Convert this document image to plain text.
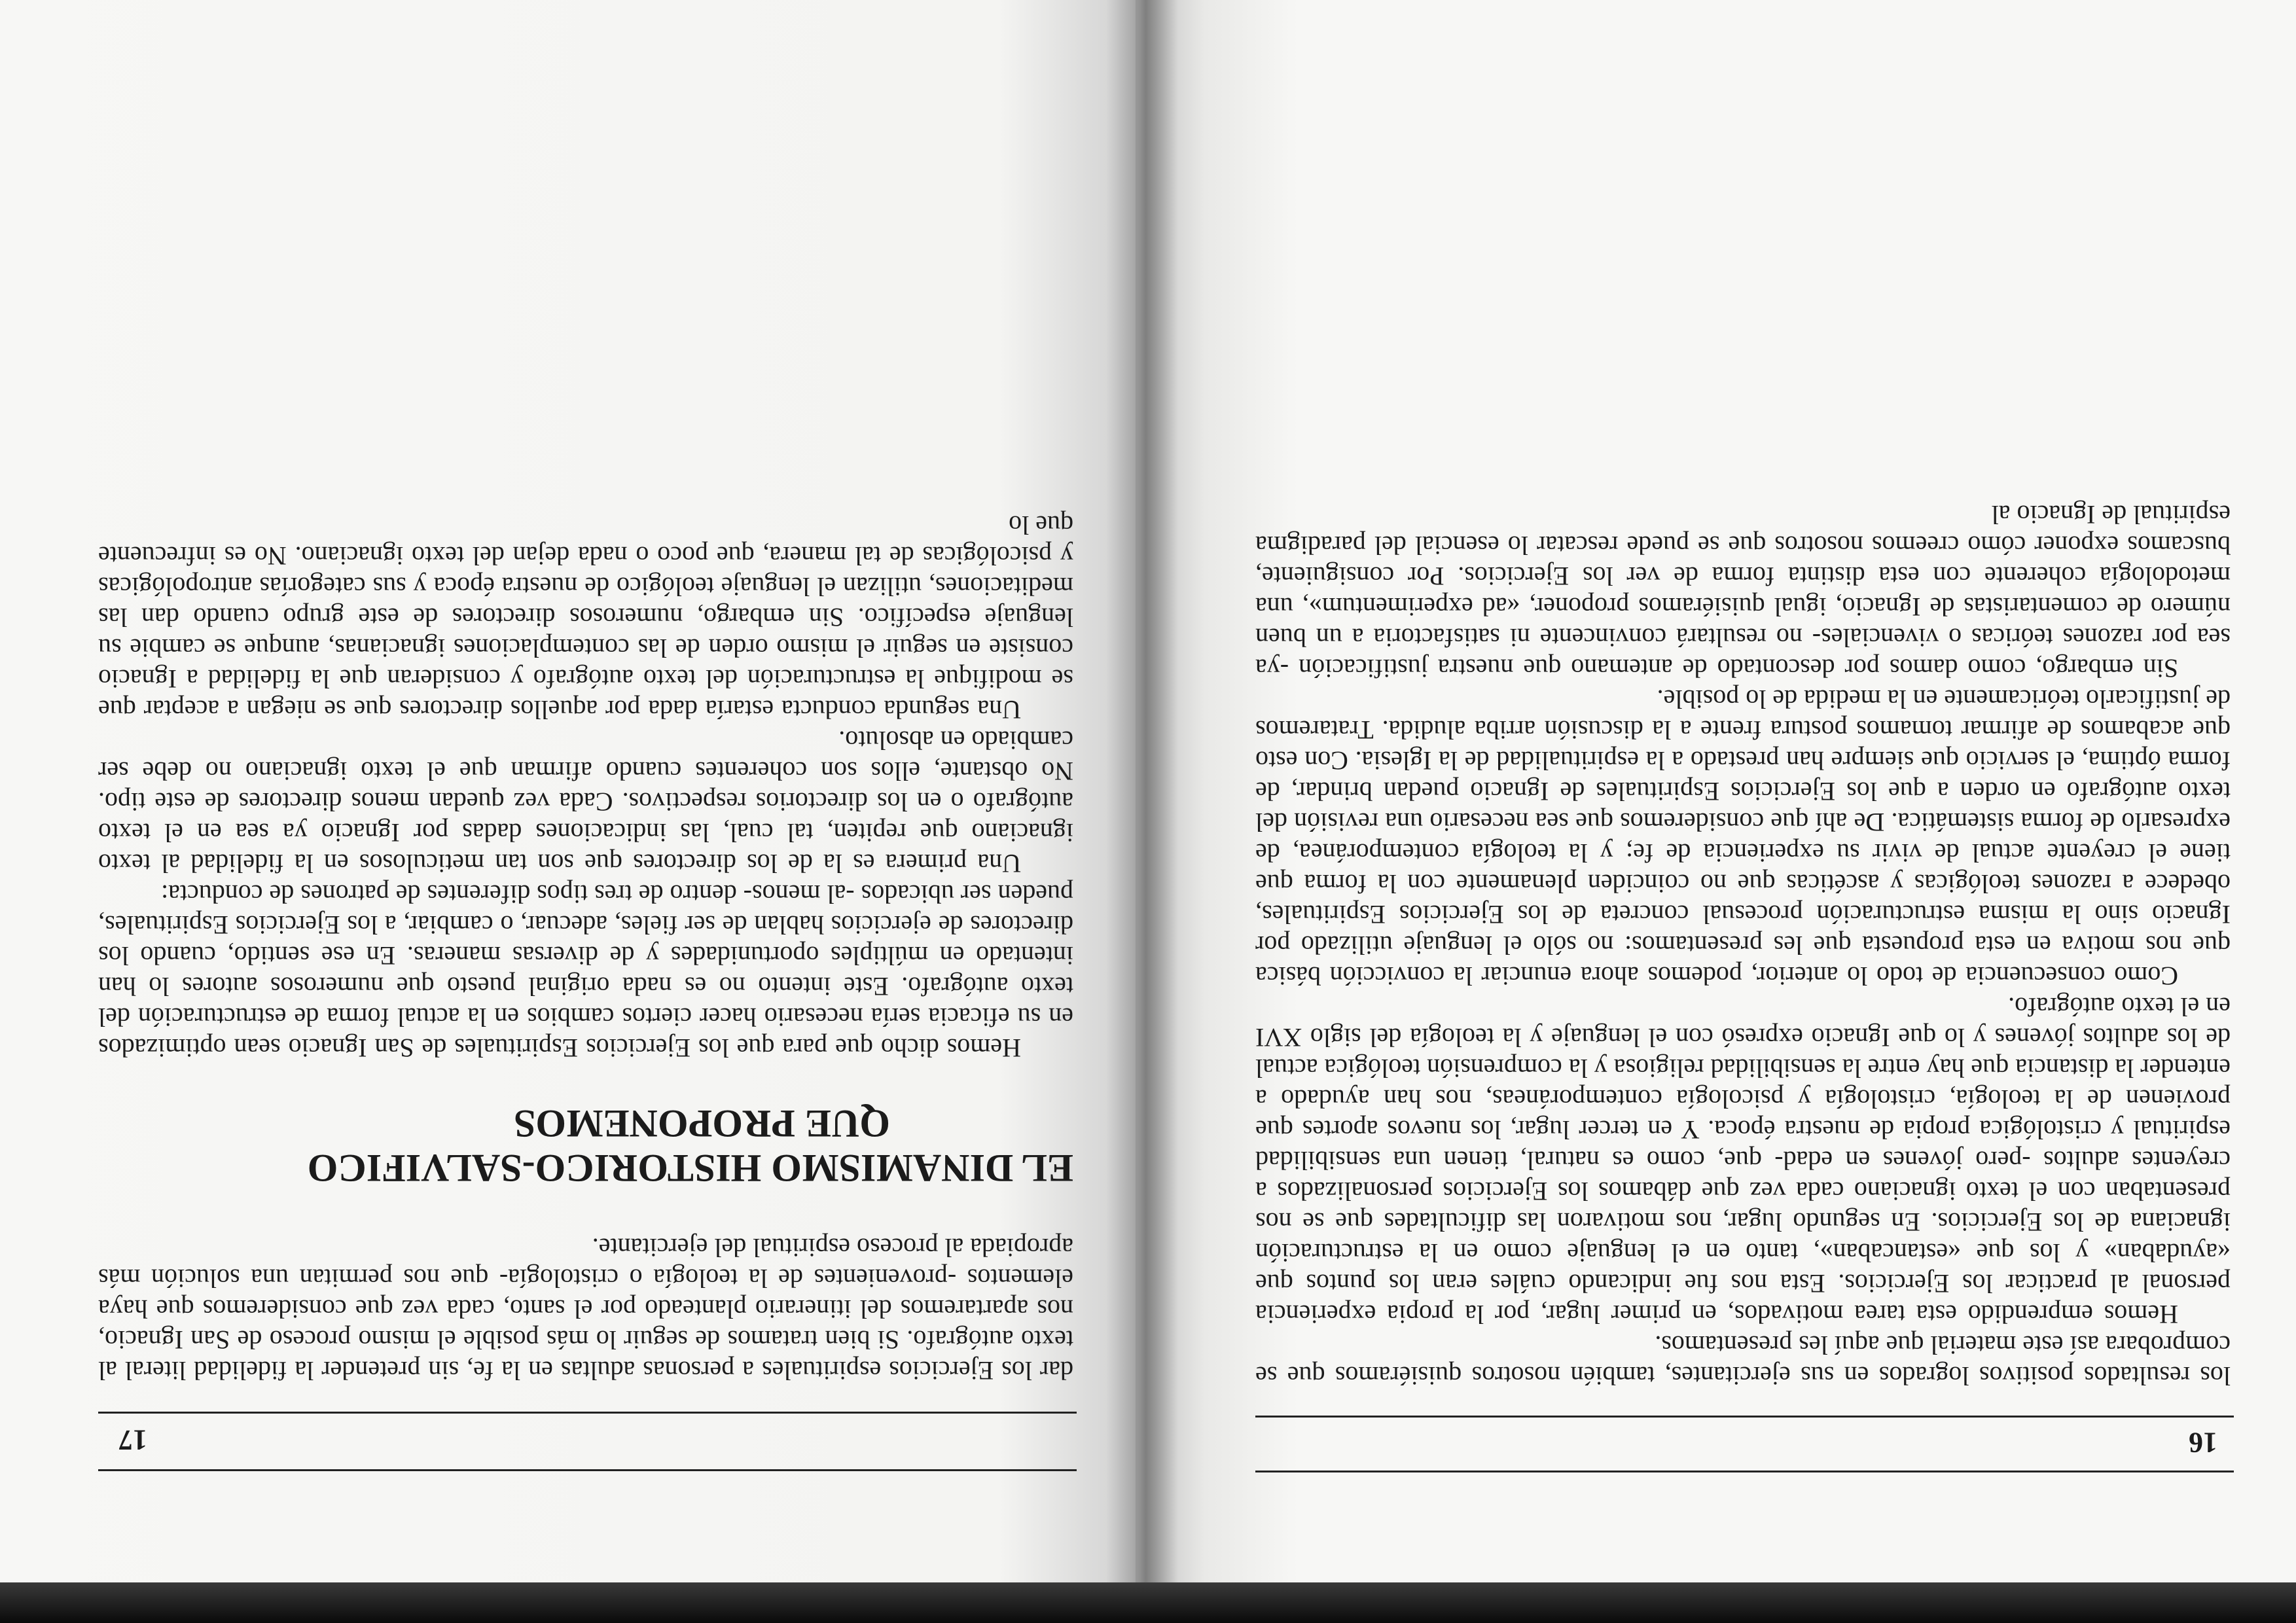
17

dar los Ejercicios espirituales a personas adultas en la fe, sin pretender la fidelidad literal al texto autógrafo. Si bien tratamos de seguir lo más posible el mismo proceso de San Ignacio, nos apartaremos del itinerario planteado por el santo, cada vez que consideremos que haya elementos -provenientes de la teología o cristología- que nos permitan una solución más apropiada al proceso espiritual del ejercitante.

EL DINAMISMO HISTORICO-SALVIFICO
QUE PROPONEMOS

Hemos dicho que para que los Ejercicios Espirituales de San Ignacio sean optimizados en su eficacia sería necesario hacer ciertos cambios en la actual forma de estructuración del texto autógrafo. Este intento no es nada original puesto que numerosos autores lo han intentado en múltiples oportunidades y de diversas maneras. En ese sentido, cuando los directores de ejercicios hablan de ser fieles, adecuar, o cambiar, a los Ejercicios Espirituales, pueden ser ubicados -al menos- dentro de tres tipos diferentes de patrones de conducta:

Una primera es la de los directores que son tan meticulosos en la fidelidad al texto ignaciano que repiten, tal cual, las indicaciones dadas por Ignacio ya sea en el texto autógrafo o en los directorios respectivos. Cada vez quedan menos directores de este tipo. No obstante, ellos son coherentes cuando afirman que el texto ignaciano no debe ser cambiado en absoluto.

Una segunda conducta estaría dada por aquellos directores que se niegan a aceptar que se modifique la estructuración del texto autógrafo y consideran que la fidelidad a Ignacio consiste en seguir el mismo orden de las contemplaciones ignacianas, aunque se cambie su lenguaje específico. Sin embargo, numerosos directores de este grupo cuando dan las meditaciones, utilizan el lenguaje teológico de nuestra época y sus categorías antropológicas y psicológicas de tal manera, que poco o nada dejan del texto ignaciano. No es infrecuente que lo

16

los resultados positivos logrados en sus ejercitantes, también nosotros quisiéramos que se comprobara así este material que aquí les presentamos.

Hemos emprendido esta tarea motivados, en primer lugar, por la propia experiencia personal al practicar los Ejercicios. Esta nos fue indicando cuáles eran los puntos que «ayudaban» y los que «estancaban», tanto en el lenguaje como en la estructuración ignaciana de los Ejercicios. En segundo lugar, nos motivaron las dificultades que se nos presentaban con el texto ignaciano cada vez que dábamos los Ejercicios personalizados a creyentes adultos -pero jóvenes en edad- que, como es natural, tienen una sensibilidad espiritual y cristológica propia de nuestra época. Y en tercer lugar, los nuevos aportes que provienen de la teología, cristología y psicología contemporáneas, nos han ayudado a entender la distancia que hay entre la sensibilidad religiosa y la comprensión teológica actual de los adultos jóvenes y lo que Ignacio expresó con el lenguaje y la teología del siglo XVI en el texto autógrafo.

Como consecuencia de todo lo anterior, podemos ahora enunciar la convicción básica que nos motiva en esta propuesta que les presentamos: no sólo el lenguaje utilizado por Ignacio sino la misma estructuración procesual concreta de los Ejercicios Espirituales, obedece a razones teológicas y ascéticas que no coinciden plenamente con la forma que tiene el creyente actual de vivir su experiencia de fe; y la teología contemporánea, de expresarlo de forma sistemática. De ahí que consideremos que sea necesario una revisión del texto autógrafo en orden a que los Ejercicios Espirituales de Ignacio puedan brindar, de forma óptima, el servicio que siempre han prestado a la espiritualidad de la Iglesia. Con esto que acabamos de afirmar tomamos postura frente a la discusión arriba aludida. Trataremos de justificarlo teóricamente en la medida de lo posible.

Sin embargo, como damos por descontado de antemano que nuestra justificación -ya sea por razones teóricas o vivenciales- no resultará convincente ni satisfactoria a un buen número de comentaristas de Ignacio, igual quisiéramos proponer, «ad experimentum», una metodología coherente con esta distinta forma de ver los Ejercicios. Por consiguiente, buscamos exponer cómo creemos nosotros que se puede rescatar lo esencial del paradigma espiritual de Ignacio al
